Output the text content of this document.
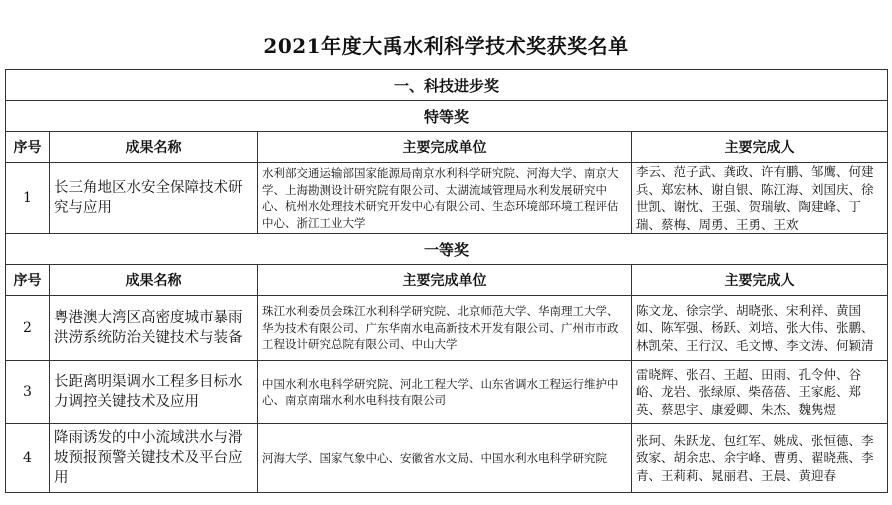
2021年度大禹水利科学技术奖获奖名单
一、科技进步奖			
特等奖			
序号	成果名称	主要完成单位	主要完成人
1	长三角地区水安全保障技术研究与应用	水利部交通运输部国家能源局南京水利科学研究院、河海大学、南京大学、上海勘测设计研究院有限公司、太湖流域管理局水利发展研究中心、杭州水处理技术研究开发中心有限公司、生态环境部环境工程评估中心、浙江工业大学	李云、范子武、龚政、许有鹏、邹鹰、何建兵、郑宏林、谢自银、陈江海、刘国庆、徐世凯、谢忱、王强、贺瑞敏、陶建峰、丁瑞、蔡梅、周勇、王勇、王欢
一等奖			
序号	成果名称	主要完成单位	主要完成人
2	粤港澳大湾区高密度城市暴雨洪涝系统防治关键技术与装备	珠江水利委员会珠江水利科学研究院、北京师范大学、华南理工大学、华为技术有限公司、广东华南水电高新技术开发有限公司、广州市市政工程设计研究总院有限公司、中山大学	陈文龙、徐宗学、胡晓张、宋利祥、黄国如、陈军强、杨跃、刘培、张大伟、张鹏、林凯荣、王行汉、毛文博、李文涛、何颖清
3	长距离明渠调水工程多目标水力调控关键技术及应用	中国水利水电科学研究院、河北工程大学、山东省调水工程运行维护中心、南京南瑞水利水电科技有限公司	雷晓辉、张召、王超、田雨、孔令仲、谷峪、龙岩、张绿原、柴蓓蓓、王家彪、郑英、蔡思宇、康爱卿、朱杰、魏隽煜
4	降雨诱发的中小流域洪水与滑坡预报预警关键技术及平台应用	河海大学、国家气象中心、安徽省水文局、中国水利水电科学研究院	张珂、朱跃龙、包红军、姚成、张恒德、李致家、胡余忠、余宇峰、曹勇、翟晓燕、李青、王莉莉、晁丽君、王晨、黄迎春
